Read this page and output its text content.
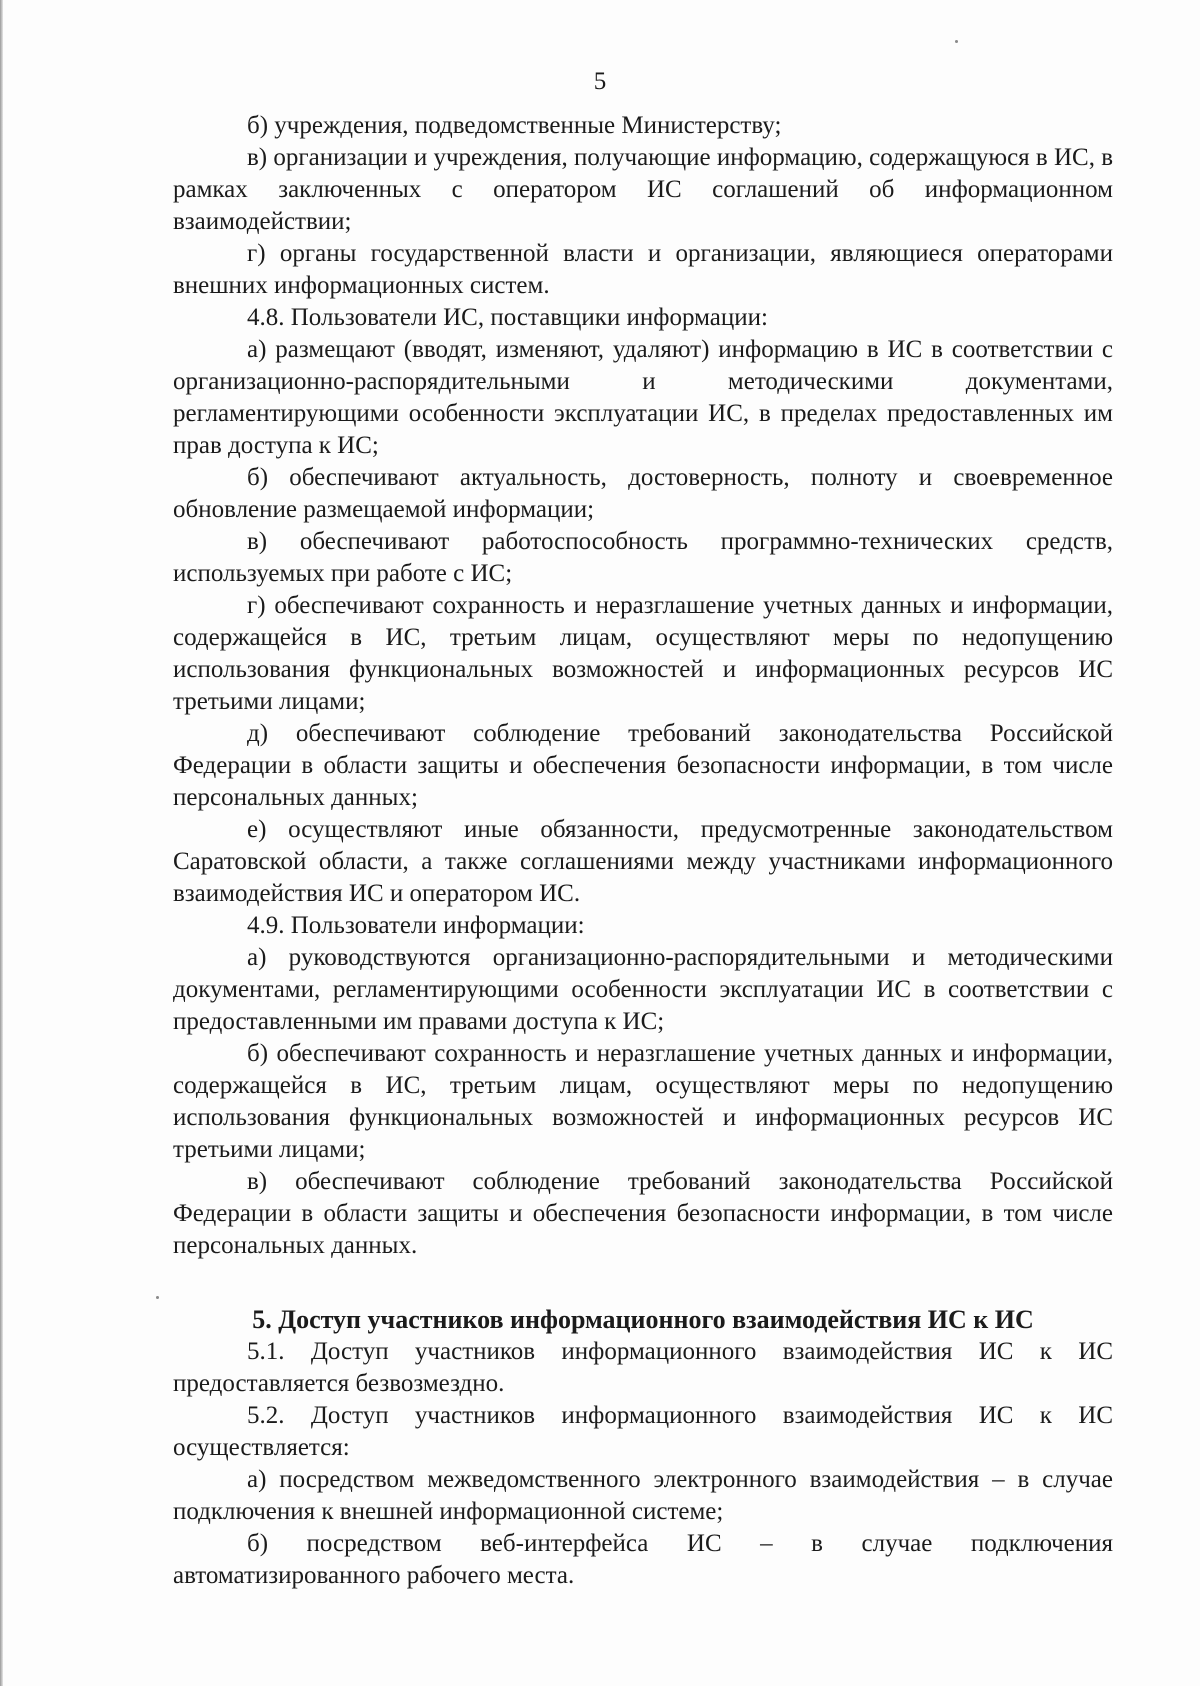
5

б) учреждения, подведомственные Министерству;

в) организации и учреждения, получающие информацию, содержащуюся в ИС, в рамках заключенных с оператором ИС соглашений об информационном взаимодействии;

г) органы государственной власти и организации, являющиеся операторами внешних информационных систем.

4.8. Пользователи ИС, поставщики информации:

а) размещают (вводят, изменяют, удаляют) информацию в ИС в соответствии с организационно-распорядительными и методическими документами, регламентирующими особенности эксплуатации ИС, в пределах предоставленных им прав доступа к ИС;

б) обеспечивают актуальность, достоверность, полноту и своевременное обновление размещаемой информации;

в) обеспечивают работоспособность программно-технических средств, используемых при работе с ИС;

г) обеспечивают сохранность и неразглашение учетных данных и информации, содержащейся в ИС, третьим лицам, осуществляют меры по недопущению использования функциональных возможностей и информационных ресурсов ИС третьими лицами;

д) обеспечивают соблюдение требований законодательства Российской Федерации в области защиты и обеспечения безопасности информации, в том числе персональных данных;

е) осуществляют иные обязанности, предусмотренные законодательством Саратовской области, а также соглашениями между участниками информационного взаимодействия ИС и оператором ИС.

4.9. Пользователи информации:

а) руководствуются организационно-распорядительными и методическими документами, регламентирующими особенности эксплуатации ИС в соответствии с предоставленными им правами доступа к ИС;

б) обеспечивают сохранность и неразглашение учетных данных и информации, содержащейся в ИС, третьим лицам, осуществляют меры по недопущению использования функциональных возможностей и информационных ресурсов ИС третьими лицами;

в) обеспечивают соблюдение требований законодательства Российской Федерации в области защиты и обеспечения безопасности информации, в том числе персональных данных.

5. Доступ участников информационного взаимодействия ИС к ИС

5.1. Доступ участников информационного взаимодействия ИС к ИС предоставляется безвозмездно.

5.2. Доступ участников информационного взаимодействия ИС к ИС осуществляется:

а) посредством межведомственного электронного взаимодействия – в случае подключения к внешней информационной системе;

б) посредством веб-интерфейса ИС – в случае подключения автоматизированного рабочего места.
